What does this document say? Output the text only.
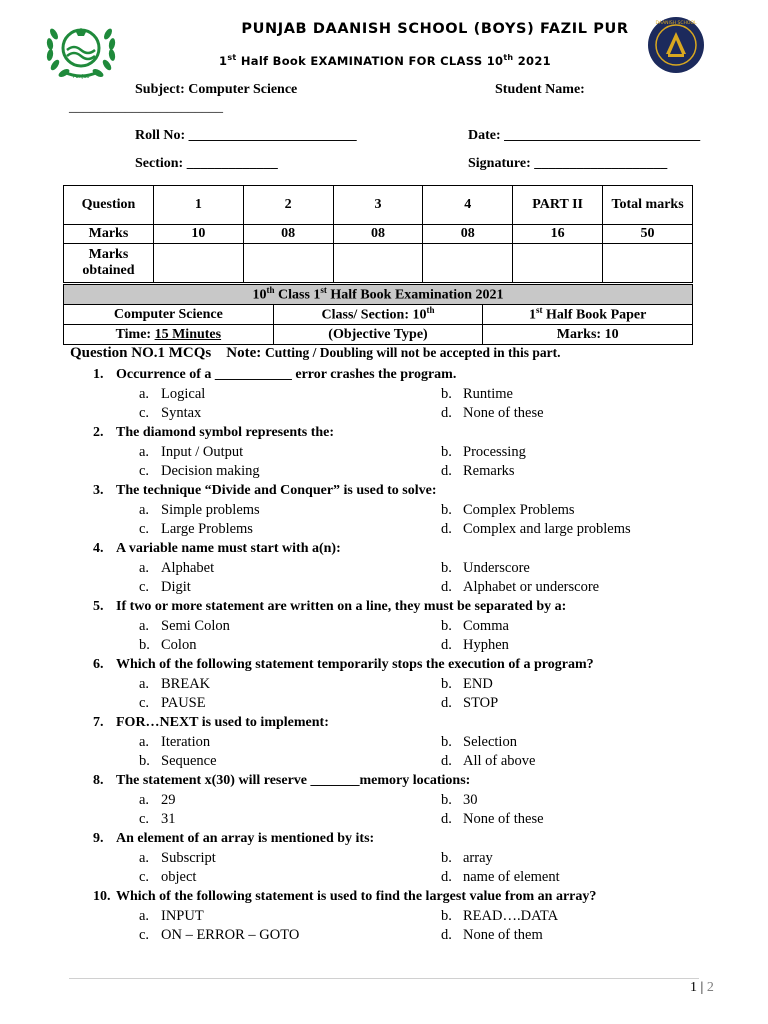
Punjab
DAANISH SCHOOL
PUNJAB DAANISH SCHOOL (BOYS) FAZIL PUR
1st Half Book EXAMINATION FOR CLASS 10th 2021
Subject: Computer Science	Student Name:
______________________
Roll No: ________________________	Date: ____________________________
Section: _____________	Signature: ___________________
Question	1	2	3	4	PART II	Total marks
Marks	10	08	08	08	16	50
Marks obtained						
10th Class 1st Half Book Examination 2021		
Computer Science	Class/ Section: 10th	1st Half Book Paper
Time: 15 Minutes	(Objective Type)	Marks: 10
Question NO.1 MCQs Note: Cutting / Doubling will not be accepted in this part.
1. Occurrence of a ___________ error crashes the program.
a. Logical	b. Runtime
c. Syntax	d. None of these
2. The diamond symbol represents the:
a. Input / Output	b. Processing
c. Decision making	d. Remarks
3. The technique “Divide and Conquer” is used to solve:
a. Simple problems	b. Complex Problems
c. Large Problems	d. Complex and large problems
4. A variable name must start with a(n):
a. Alphabet	b. Underscore
c. Digit	d. Alphabet or underscore
5. If two or more statement are written on a line, they must be separated by a:
a. Semi Colon	b. Comma
b. Colon	d. Hyphen
6. Which of the following statement temporarily stops the execution of a program?
a. BREAK	b. END
c. PAUSE	d. STOP
7. FOR…NEXT is used to implement:
a. Iteration	b. Selection
b. Sequence	d. All of above
8. The statement x(30) will reserve _______memory locations:
a. 29	b. 30
c. 31	d. None of these
9. An element of an array is mentioned by its:
a. Subscript	b. array
c. object	d. name of element
10. Which of the following statement is used to find the largest value from an array?
a. INPUT	b. READ….DATA
c. ON – ERROR – GOTO	d. None of them
1 | 2
